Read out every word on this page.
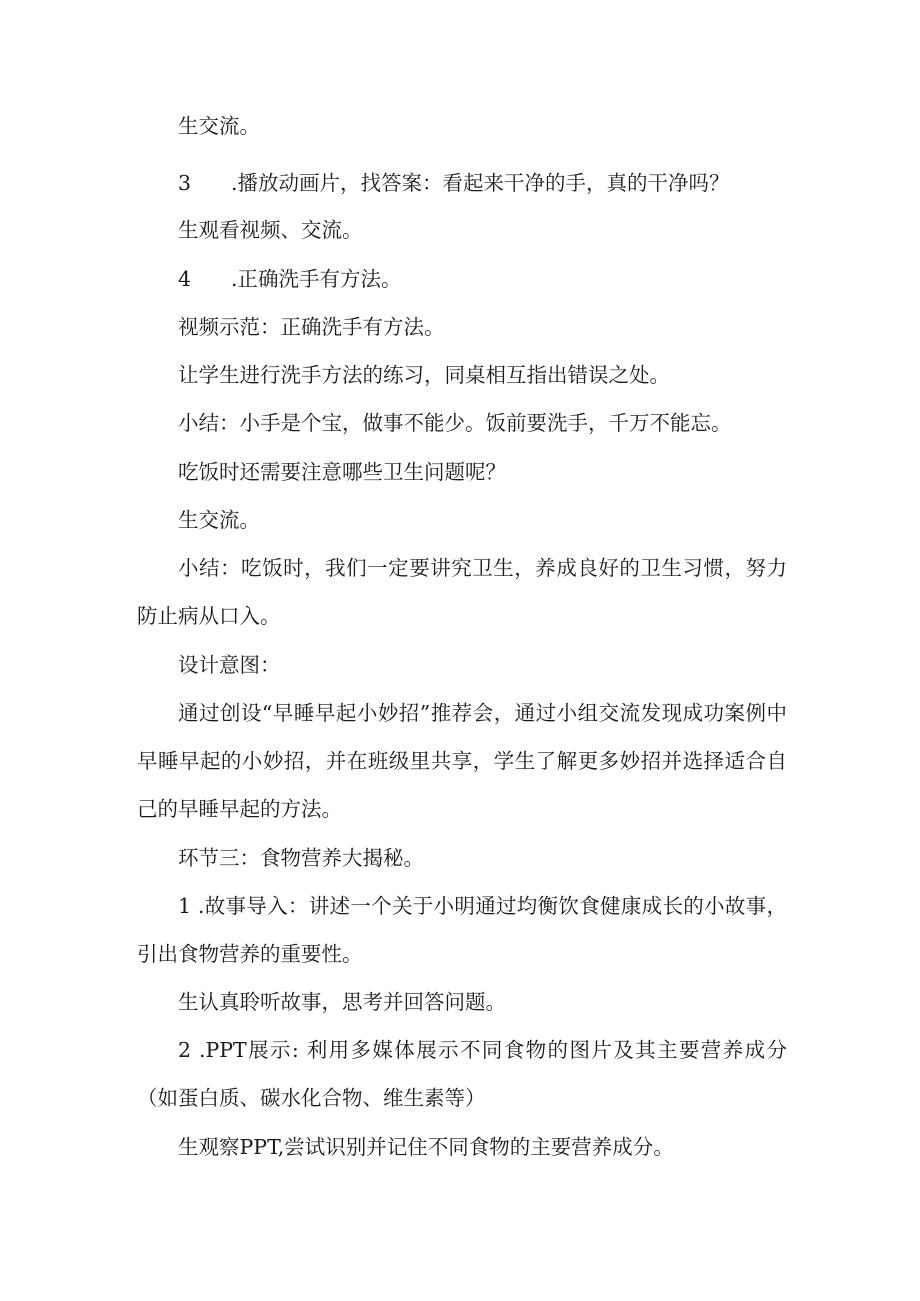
生交流。

3 .播放动画片，找答案：看起来干净的手，真的干净吗？

生观看视频、交流。

4 .正确洗手有方法。

视频示范：正确洗手有方法。

让学生进行洗手方法的练习，同桌相互指出错误之处。

小结：小手是个宝，做事不能少。饭前要洗手，千万不能忘。

吃饭时还需要注意哪些卫生问题呢？

生交流。

小结：吃饭时，我们一定要讲究卫生，养成良好的卫生习惯，努力防止病从口入。

设计意图：

通过创设“早睡早起小妙招”推荐会，通过小组交流发现成功案例中早睡早起的小妙招，并在班级里共享，学生了解更多妙招并选择适合自己的早睡早起的方法。

环节三：食物营养大揭秘。

1 .故事导入：讲述一个关于小明通过均衡饮食健康成长的小故事，引出食物营养的重要性。

生认真聆听故事，思考并回答问题。

2 .PPT展示: 利用多媒体展示不同食物的图片及其主要营养成分（如蛋白质、碳水化合物、维生素等）

生观察PPT,尝试识别并记住不同食物的主要营养成分。
